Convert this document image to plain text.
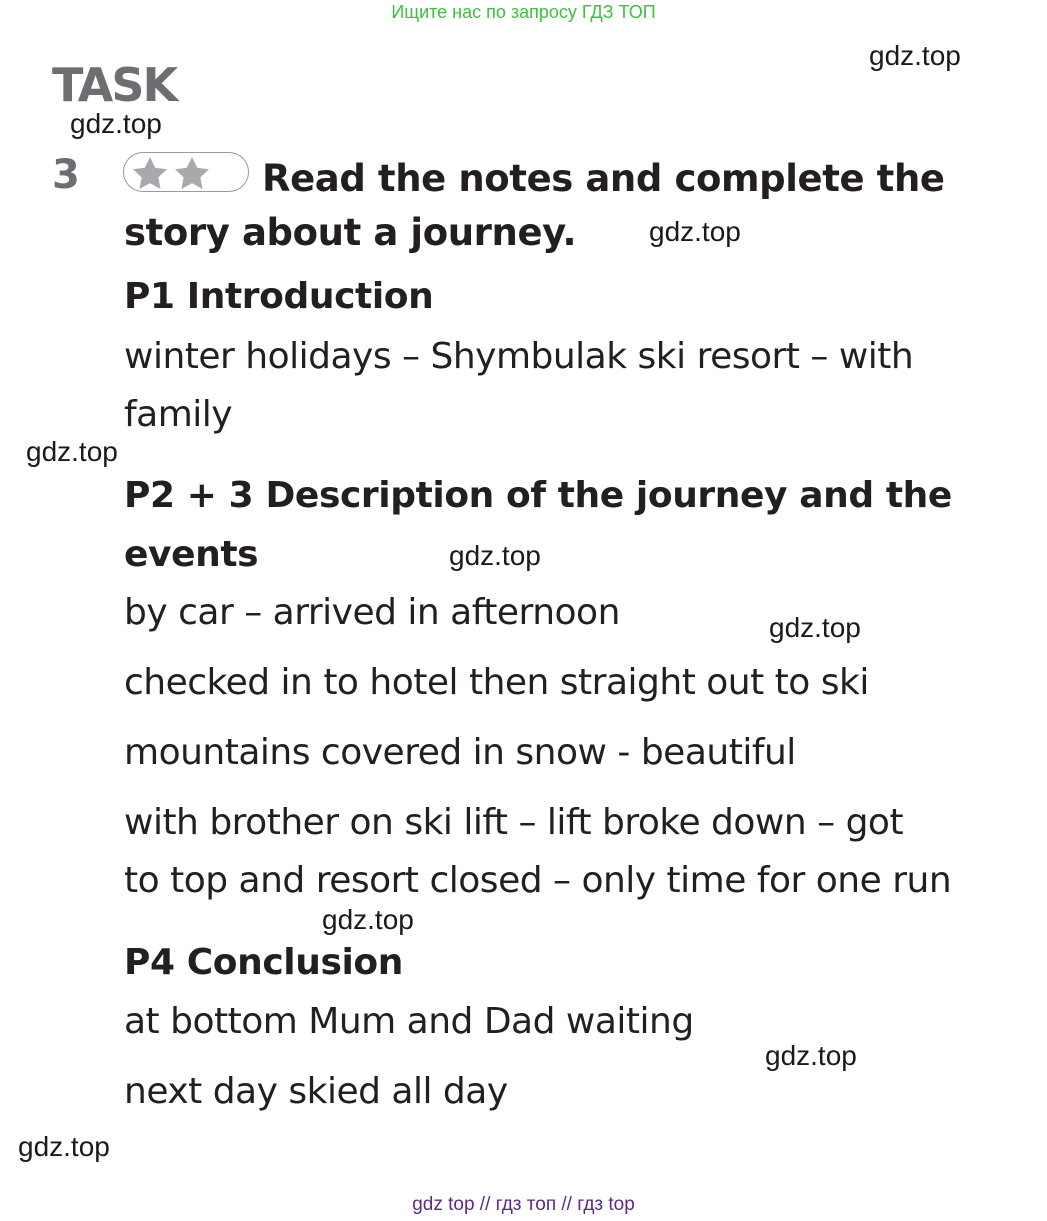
Ищите нас по запросу ГДЗ ТОП
TASK
3	Read the notes and complete the story about a journey.
P1 Introduction
winter holidays – Shymbulak ski resort – with
family
P2 + 3 Description of the journey and the
events
by car – arrived in afternoon
checked in to hotel then straight out to ski
mountains covered in snow - beautiful
with brother on ski lift – lift broke down – got
to top and resort closed – only time for one run
P4 Conclusion
at bottom Mum and Dad waiting
next day skied all day
gdz.top
gdz.top
gdz.top
gdz.top
gdz.top
gdz.top
gdz.top
gdz.top
gdz.top
gdz top // гдз топ // гдз top
